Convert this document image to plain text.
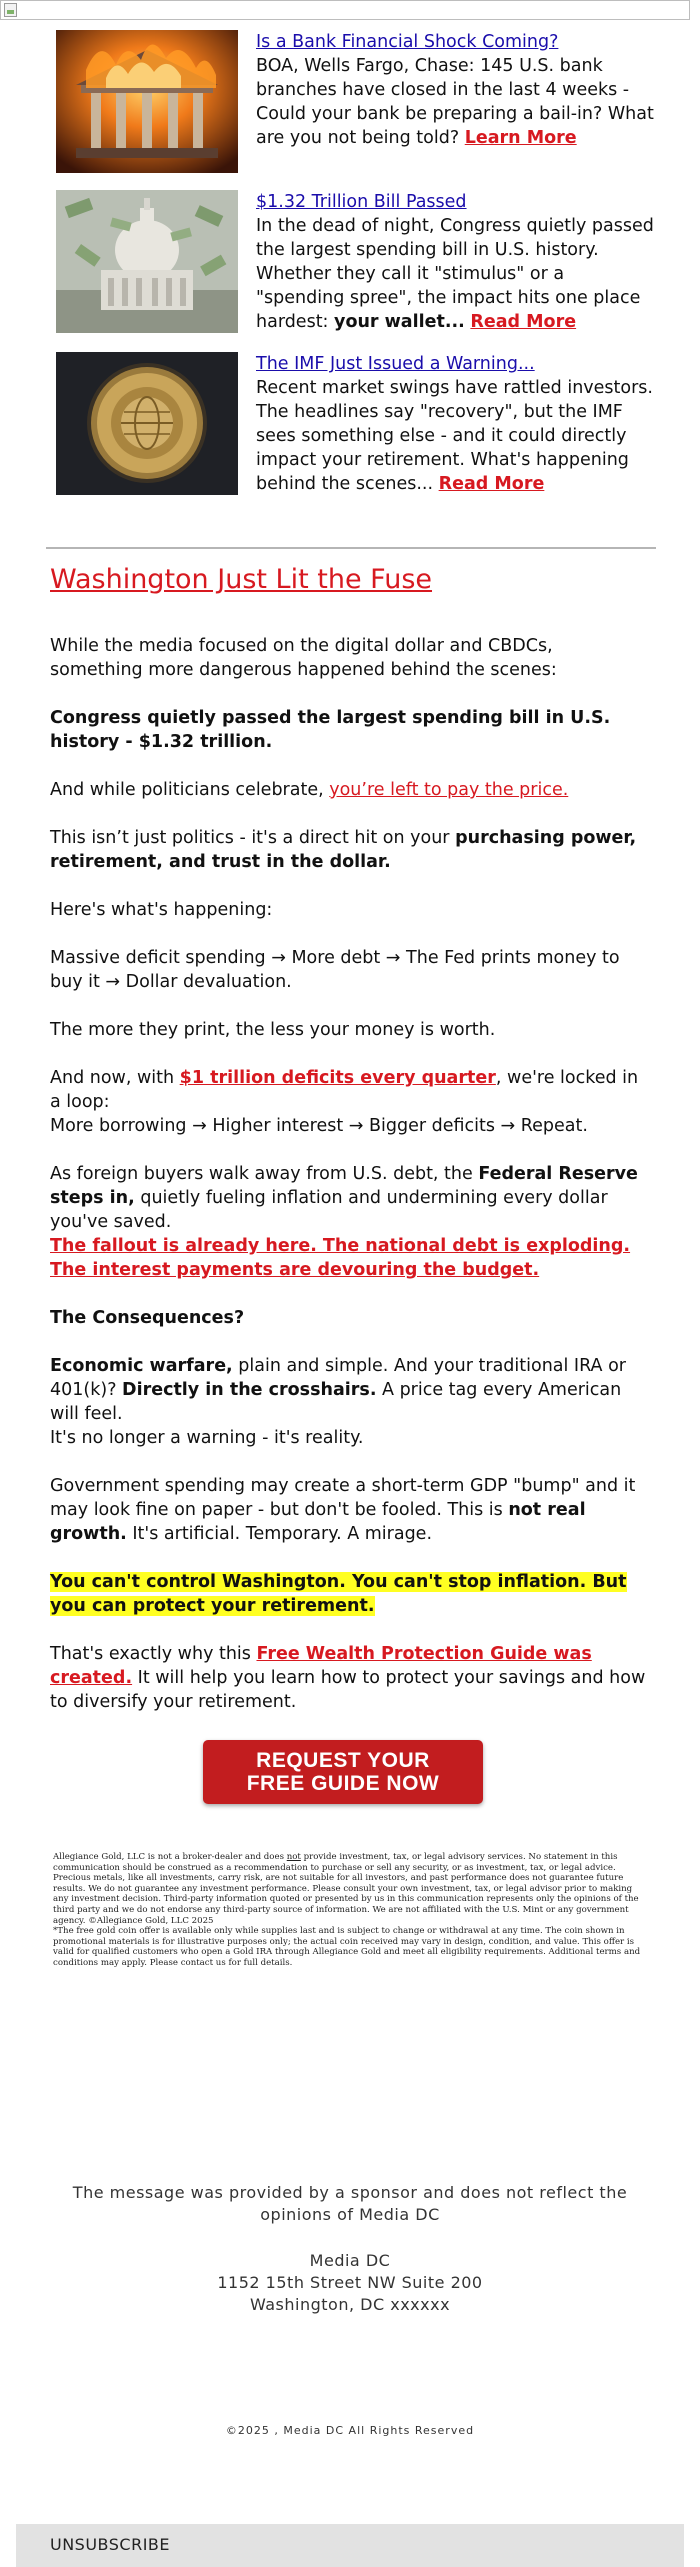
Is a Bank Financial Shock Coming?
BOA, Wells Fargo, Chase: 145 U.S. bank branches have closed in the last 4 weeks - Could your bank be preparing a bail-in? What are you not being told? Learn More
$1.32 Trillion Bill Passed
In the dead of night, Congress quietly passed the largest spending bill in U.S. history. Whether they call it "stimulus" or a "spending spree", the impact hits one place hardest: your wallet... Read More
The IMF Just Issued a Warning...
Recent market swings have rattled investors. The headlines say "recovery", but the IMF sees something else - and it could directly impact your retirement. What's happening behind the scenes... Read More
Washington Just Lit the Fuse
While the media focused on the digital dollar and CBDCs, something more dangerous happened behind the scenes:
Congress quietly passed the largest spending bill in U.S. history - $1.32 trillion.
And while politicians celebrate, you’re left to pay the price.
This isn’t just politics - it's a direct hit on your purchasing power, retirement, and trust in the dollar.
Here's what's happening:
Massive deficit spending → More debt → The Fed prints money to buy it → Dollar devaluation.
The more they print, the less your money is worth.
And now, with $1 trillion deficits every quarter, we're locked in a loop:
More borrowing → Higher interest → Bigger deficits → Repeat.
As foreign buyers walk away from U.S. debt, the Federal Reserve steps in, quietly fueling inflation and undermining every dollar you've saved.
The fallout is already here. The national debt is exploding. The interest payments are devouring the budget.
The Consequences?
Economic warfare, plain and simple. And your traditional IRA or 401(k)? Directly in the crosshairs. A price tag every American will feel.
It's no longer a warning - it's reality.
Government spending may create a short-term GDP "bump" and it may look fine on paper - but don't be fooled. This is not real growth. It's artificial. Temporary. A mirage.
You can't control Washington. You can't stop inflation. But you can protect your retirement.
That's exactly why this Free Wealth Protection Guide was created. It will help you learn how to protect your savings and how to diversify your retirement.
REQUEST YOUR
FREE GUIDE NOW
Allegiance Gold, LLC is not a broker-dealer and does not provide investment, tax, or legal advisory services. No statement in this communication should be construed as a recommendation to purchase or sell any security, or as investment, tax, or legal advice. Precious metals, like all investments, carry risk, are not suitable for all investors, and past performance does not guarantee future results. We do not guarantee any investment performance. Please consult your own investment, tax, or legal advisor prior to making any investment decision. Third-party information quoted or presented by us in this communication represents only the opinions of the third party and we do not endorse any third-party source of information. We are not affiliated with the U.S. Mint or any government agency. ©Allegiance Gold, LLC 2025
*The free gold coin offer is available only while supplies last and is subject to change or withdrawal at any time. The coin shown in promotional materials is for illustrative purposes only; the actual coin received may vary in design, condition, and value. This offer is valid for qualified customers who open a Gold IRA through Allegiance Gold and meet all eligibility requirements. Additional terms and conditions may apply. Please contact us for full details.
The message was provided by a sponsor and does not reflect the opinions of Media DC
Media DC
1152 15th Street NW Suite 200
Washington, DC xxxxxx
©2025 , Media DC All Rights Reserved
UNSUBSCRIBE
